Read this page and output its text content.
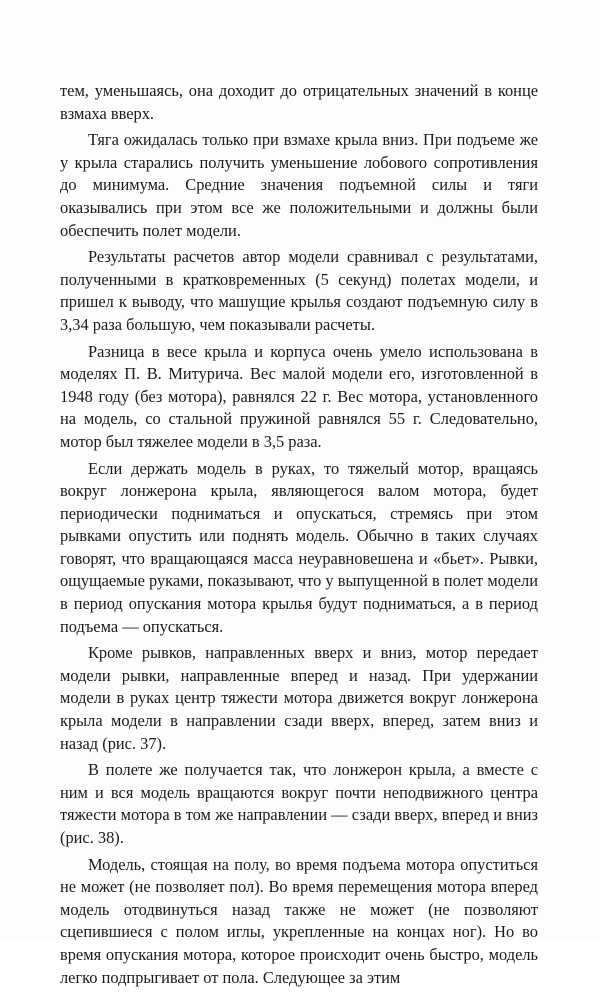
тем, уменьшаясь, она доходит до отрицательных значений в конце взмаха вверх.

Тяга ожидалась только при взмахе крыла вниз. При подъеме же у крыла старались получить уменьшение лобового сопротивления до минимума. Средние значения подъемной силы и тяги оказывались при этом все же положительными и должны были обеспечить полет модели.

Результаты расчетов автор модели сравнивал с результатами, полученными в кратковременных (5 секунд) полетах модели, и пришел к выводу, что машущие крылья создают подъемную силу в 3,34 раза большую, чем показывали расчеты.

Разница в весе крыла и корпуса очень умело использована в моделях П. В. Митурича. Вес малой модели его, изготовленной в 1948 году (без мотора), равнялся 22 г. Вес мотора, установленного на модель, со стальной пружиной равнялся 55 г. Следовательно, мотор был тяжелее модели в 3,5 раза.

Если держать модель в руках, то тяжелый мотор, вращаясь вокруг лонжерона крыла, являющегося валом мотора, будет периодически подниматься и опускаться, стремясь при этом рывками опустить или поднять модель. Обычно в таких случаях говорят, что вращающаяся масса неуравновешена и «бьет». Рывки, ощущаемые руками, показывают, что у выпущенной в полет модели в период опускания мотора крылья будут подниматься, а в период подъема — опускаться.

Кроме рывков, направленных вверх и вниз, мотор передает модели рывки, направленные вперед и назад. При удержании модели в руках центр тяжести мотора движется вокруг лонжерона крыла модели в направлении сзади вверх, вперед, затем вниз и назад (рис. 37).

В полете же получается так, что лонжерон крыла, а вместе с ним и вся модель вращаются вокруг почти неподвижного центра тяжести мотора в том же направлении — сзади вверх, вперед и вниз (рис. 38).

Модель, стоящая на полу, во время подъема мотора опуститься не может (не позволяет пол). Во время перемещения мотора вперед модель отодвинуться назад также не может (не позволяют сцепившиеся с полом иглы, укрепленные на концах ног). Но во время опускания мотора, которое происходит очень быстро, модель легко подпрыгивает от пола. Следующее за этим
